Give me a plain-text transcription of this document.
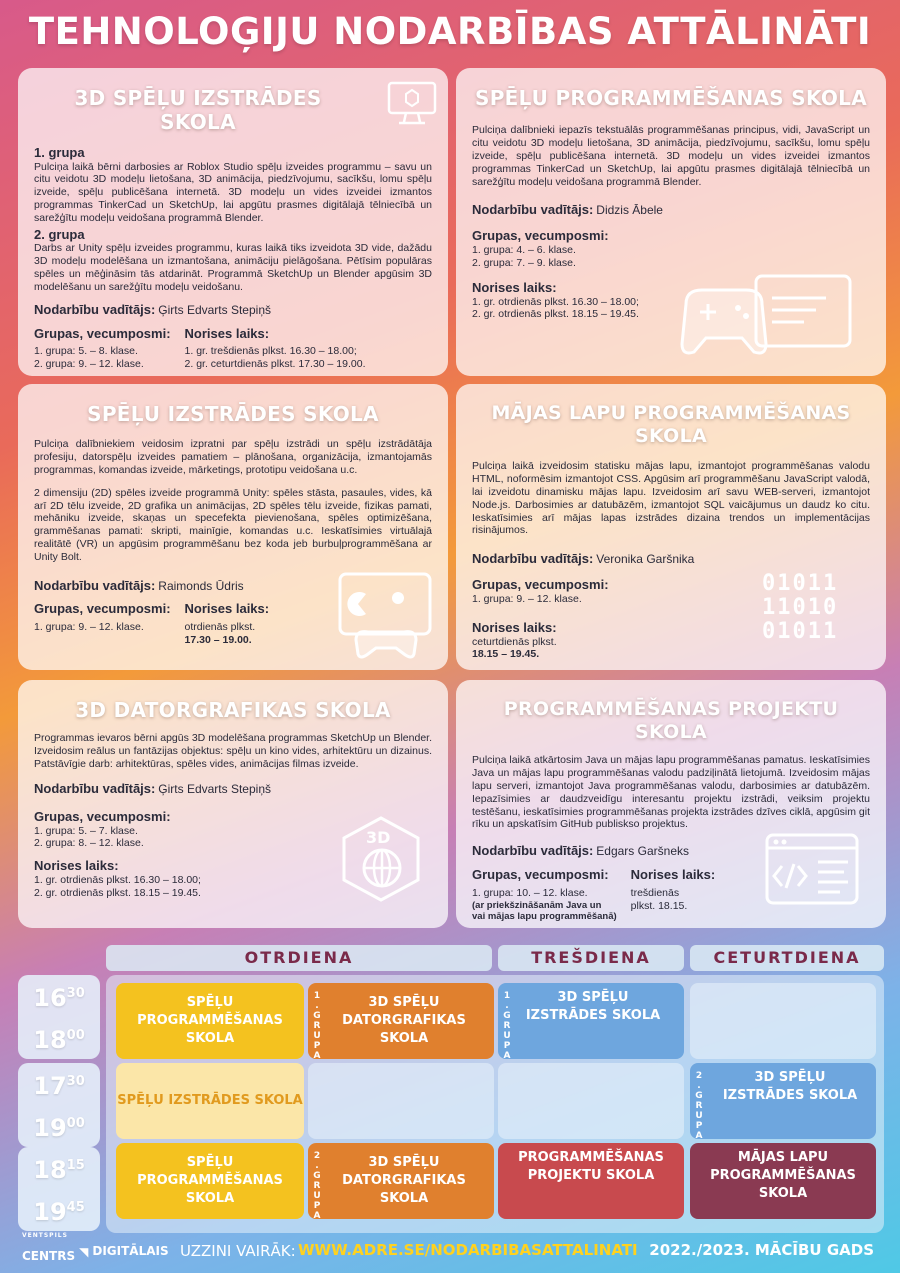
TEHNOLOĢIJU NODARBĪBAS ATTĀLINĀTI
3D SPĒĻU IZSTRĀDES SKOLA
1. grupa

Pulciņa laikā bērni darbosies ar Roblox Studio spēļu izveides programmu – savu un citu veidotu 3D modeļu lietošana, 3D animācija, piedzīvojumu, sacīkšu, lomu spēļu izveide, spēļu publicēšana internetā. 3D modeļu un vides izveidei izmantos programmas TinkerCad un SketchUp, lai apgūtu prasmes digitālajā tēlniecībā un sarežģītu modeļu veidošana programmā Blender.

2. grupa

Darbs ar Unity spēļu izveides programmu, kuras laikā tiks izveidota 3D vide, dažādu 3D modeļu modelēšana un izmantošana, animāciju pielāgošana. Pētīsim populāras spēles un mēģināsim tās atdarināt. Programmā SketchUp un Blender apgūsim 3D modelēšanu un sarežģītu modeļu veidošanu.

Nodarbību vadītājs: Ģirts Edvarts Stepiņš
Grupas, vecumposmi:
1. grupa: 5. – 8. klase.
2. grupa: 9. – 12. klase.
Norises laiks:
1. gr. trešdienās plkst. 16.30 – 18.00;
2. gr. ceturtdienās plkst. 17.30 – 19.00.
SPĒĻU PROGRAMMĒŠANAS SKOLA

Pulciņa dalībnieki iepazīs tekstuālās programmēšanas principus, vidi, JavaScript un citu veidotu 3D modeļu lietošana, 3D animācija, piedzīvojumu, sacīkšu, lomu spēļu izveide, spēļu publicēšana internetā. 3D modeļu un vides izveidei izmantos programmas TinkerCad un SketchUp, lai apgūtu prasmes digitālajā tēlniecībā un sarežģītu modeļu veidošana programmā Blender.

Nodarbību vadītājs: Didzis Ābele
Grupas, vecumposmi:
1. grupa: 4. – 6. klase.
2. grupa: 7. – 9. klase.
Norises laiks:
1. gr. otrdienās plkst. 16.30 – 18.00;
2. gr. otrdienās plkst. 18.15 – 19.45.
SPĒĻU IZSTRĀDES SKOLA

Pulciņa dalībniekiem veidosim izpratni par spēļu izstrādi un spēļu izstrādātāja profesiju, datorspēļu izveides pamatiem – plānošana, organizācija, izmantojamās programmas, komandas izveide, mārketings, prototipu veidošana u.c.

2 dimensiju (2D) spēles izveide programmā Unity: spēles stāsta, pasaules, vides, kā arī 2D tēlu izveide, 2D grafika un animācijas, 2D spēles tēlu izveide, fizikas pamati, mehāniku izveide, skaņas un specefekta pievienošana, spēles optimizēšana, grammēšanas pamati: skripti, mainīgie, komandas u.c. Ieskatīsimies virtuālajā realitātē (VR) un apgūsim programmēšanu bez koda jeb burbuļprogrammēšana ar Unity Bolt.

Nodarbību vadītājs: Raimonds Ūdris
Grupas, vecumposmi:
1. grupa: 9. – 12. klase.
Norises laiks:
otrdienās plkst.
17.30 – 19.00.
MĀJAS LAPU PROGRAMMĒŠANAS SKOLA

Pulciņa laikā izveidosim statisku mājas lapu, izmantojot programmēšanas valodu HTML, noformēsim izmantojot CSS. Apgūsim arī programmēšanu JavaScript valodā, lai izveidotu dinamisku mājas lapu. Izveidosim arī savu WEB-serveri, izmantojot Node.js. Darbosimies ar datubāzēm, izmantojot SQL vaicājumus un daudz ko citu. Ieskatīsimies arī mājas lapas izstrādes dizaina trendos un implementācijas risinājumos.

Nodarbību vadītājs: Veronika Garšnika
Grupas, vecumposmi:
1. grupa: 9. – 12. klase.
Norises laiks:
ceturtdienās plkst.
18.15 – 19.45.
01011
11010
01011
3D DATORGRAFIKAS SKOLA

Programmas ievaros bērni apgūs 3D modelēšana programmas SketchUp un Blender. Izveidosim reālus un fantāzijas objektus: spēļu un kino vides, arhitektūru un dizainus. Patstāvīgie darb: arhitektūras, spēles vides, animācijas filmas izveide.

Nodarbību vadītājs: Ģirts Edvarts Stepiņš
Grupas, vecumposmi:
1. grupa: 5. – 7. klase.
2. grupa: 8. – 12. klase.
Norises laiks:
1. gr. otrdienās plkst. 16.30 – 18.00;
2. gr. otrdienās plkst. 18.15 – 19.45.
3D
PROGRAMMĒŠANAS PROJEKTU SKOLA

Pulciņa laikā atkārtosim Java un mājas lapu programmēšanas pamatus. Ieskatīsimies Java un mājas lapu programmēšanas valodu padziļinātā lietojumā. Izveidosim mājas lapu serveri, izmantojot Java programmēšanas valodu, darbosimies ar datubāzēm. Iepazīsimies ar daudzveidīgu interesantu projektu izstrādi, veiksim projektu testēšanu, ieskatīsimies programmēšanas projekta izstrādes dzīves ciklā, apgūsim git rīku un apskatīsim GitHub publiskso projektus.

Nodarbību vadītājs: Edgars Garšneks
Grupas, vecumposmi:
1. grupa: 10. – 12. klase.
(ar priekšzināšanām Java un
vai mājas lapu programmēšanā)
Norises laiks:
trešdienās
plkst. 18.15.
OTRDIENA	TREŠDIENA	CETURTDIENA
$16^{30}$
$18^{00}$
$17^{30}$
$19^{00}$
$18^{15}$
$19^{45}$
SPĒĻU PROGRAMMĒŠANAS SKOLA
1
.
G
R
U
P
A
3D SPĒĻU DATORGRAFIKAS SKOLA
1
.
G
R
U
P
A
3D SPĒĻU IZSTRĀDES SKOLA
SPĒĻU IZSTRĀDES SKOLA
2
.
G
R
U
P
A
3D SPĒĻU IZSTRĀDES SKOLA
SPĒĻU PROGRAMMĒŠANAS SKOLA
2
.
G
R
U
P
A
3D SPĒĻU DATORGRAFIKAS SKOLA
PROGRAMMĒŠANAS PROJEKTU SKOLA
MĀJAS LAPU PROGRAMMĒŠANAS SKOLA
VENTSPILS
CENTRS ◥ DIGITĀLAIS UZZINI VAIRĀK: WWW.ADRE.SE/NODARBIBASATTALINATI 2022./2023. MĀCĪBU GADS
